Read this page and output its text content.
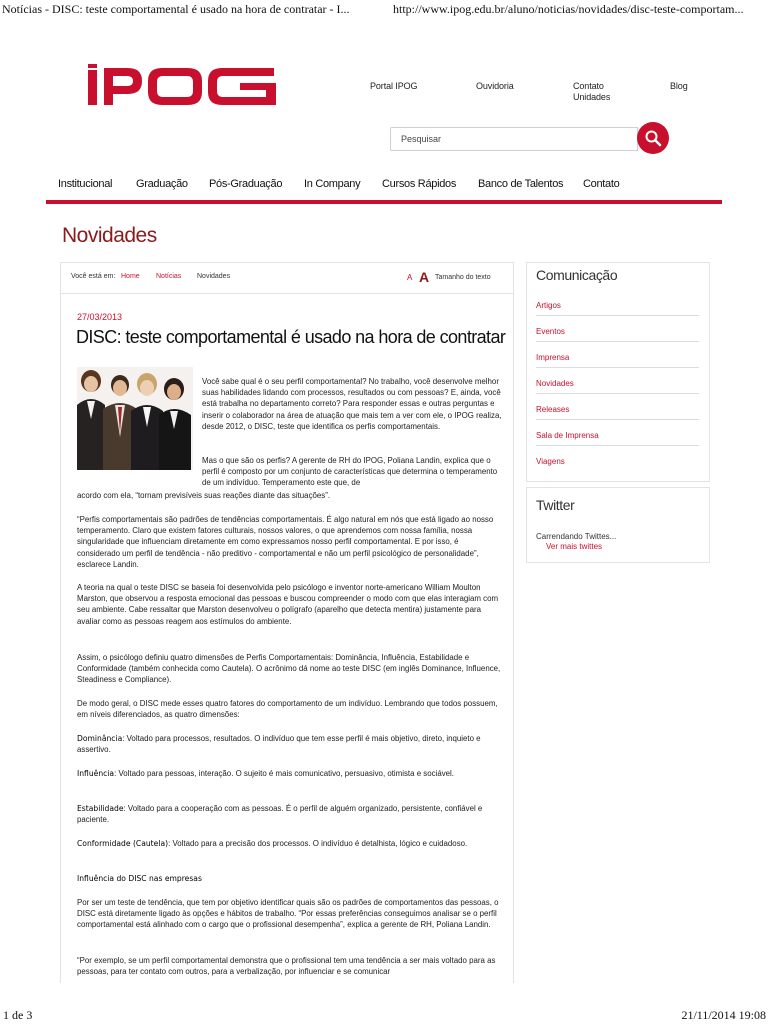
Notícias - DISC: teste comportamental é usado na hora de contratar - I...	http://www.ipog.edu.br/aluno/noticias/novidades/disc-teste-comportam...
Portal IPOG	Ouvidoria	Contato
Unidades
Blog
Pesquisar
Institucional Graduação Pós-Graduação In Company Cursos Rápidos Banco de Talentos Contato
Novidades
Você está em: Home Notícias Novidades	A A Tamanho do texto
27/03/2013
DISC: teste comportamental é usado na hora de contratar
Você sabe qual é o seu perfil comportamental? No trabalho, você desenvolve melhor suas habilidades lidando com processos, resultados ou com pessoas? E, ainda, você está trabalha no departamento correto? Para responder essas e outras perguntas e inserir o colaborador na área de atuação que mais tem a ver com ele, o IPOG realiza, desde 2012, o DISC, teste que identifica os perfis comportamentais.
Mas o que são os perfis? A gerente de RH do IPOG, Poliana Landin, explica que o perfil é composto por um conjunto de características que determina o temperamento de um indivíduo. Temperamento este que, de
acordo com ela, “tornam previsíveis suas reações diante das situações”.
“Perfis comportamentais são padrões de tendências comportamentais. É algo natural em nós que está ligado ao nosso temperamento. Claro que existem fatores culturais, nossos valores, o que aprendemos com nossa família, nossa singularidade que influenciam diretamente em como expressamos nosso perfil comportamental. E por isso, é considerado um perfil de tendência - não preditivo - comportamental e não um perfil psicológico de personalidade”, esclarece Landin.
A teoria na qual o teste DISC se baseia foi desenvolvida pelo psicólogo e inventor norte-americano William Moulton Marston, que observou a resposta emocional das pessoas e buscou compreender o modo com que elas interagiam com seu ambiente. Cabe ressaltar que Marston desenvolveu o polígrafo (aparelho que detecta mentira) justamente para avaliar como as pessoas reagem aos estímulos do ambiente.
Assim, o psicólogo definiu quatro dimensões de Perfis Comportamentais: Dominância, Influência, Estabilidade e Conformidade (também conhecida como Cautela). O acrônimo dá nome ao teste DISC (em inglês Dominance, Influence, Steadiness e Compliance).
De modo geral, o DISC mede esses quatro fatores do comportamento de um indivíduo. Lembrando que todos possuem, em níveis diferenciados, as quatro dimensões:
Dominância: Voltado para processos, resultados. O indivíduo que tem esse perfil é mais objetivo, direto, inquieto e assertivo.
Influência: Voltado para pessoas, interação. O sujeito é mais comunicativo, persuasivo, otimista e sociável.
Estabilidade: Voltado para a cooperação com as pessoas. É o perfil de alguém organizado, persistente, confiável e paciente.
Conformidade (Cautela): Voltado para a precisão dos processos. O indivíduo é detalhista, lógico e cuidadoso.
Influência do DISC nas empresas
Por ser um teste de tendência, que tem por objetivo identificar quais são os padrões de comportamentos das pessoas, o DISC está diretamente ligado às opções e hábitos de trabalho. “Por essas preferências conseguimos analisar se o perfil comportamental está alinhado com o cargo que o profissional desempenha”, explica a gerente de RH, Poliana Landin.
“Por exemplo, se um perfil comportamental demonstra que o profissional tem uma tendência a ser mais voltado para as pessoas, para ter contato com outros, para a verbalização, por influenciar e se comunicar
Comunicação
Artigos
Eventos
Imprensa
Novidades
Releases
Sala de Imprensa
Viagens
Twitter
Carrendando Twittes...
Ver mais twittes
1 de 3	21/11/2014 19:08
